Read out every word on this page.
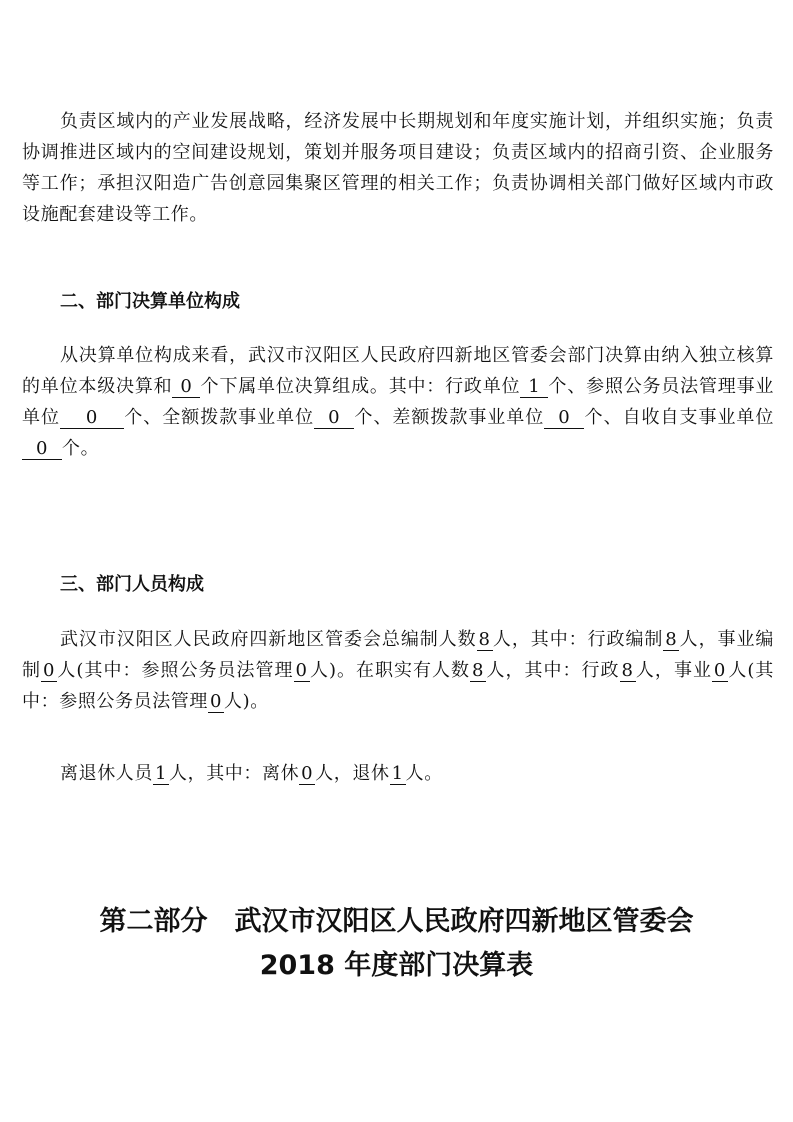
负责区域内的产业发展战略，经济发展中长期规划和年度实施计划，并组织实施；负责协调推进区域内的空间建设规划，策划并服务项目建设；负责区域内的招商引资、企业服务等工作；承担汉阳造广告创意园集聚区管理的相关工作；负责协调相关部门做好区域内市政设施配套建设等工作。

二、部门决算单位构成

从决算单位构成来看，武汉市汉阳区人民政府四新地区管委会部门决算由纳入独立核算的单位本级决算和 0 个下属单位决算组成。其中：行政单位 1 个、参照公务员法管理事业单位 0 个、全额拨款事业单位 0 个、差额拨款事业单位 0 个、自收自支事业单位0 个。

三、部门人员构成

武汉市汉阳区人民政府四新地区管委会总编制人数 8 人，其中：行政编制 8 人，事业编制 0 人(其中：参照公务员法管理 0 人)。在职实有人数 8 人，其中：行政 8 人，事业 0 人(其中：参照公务员法管理 0 人)。

离退休人员 1 人，其中：离休 0 人，退休 1 人。

第二部分　武汉市汉阳区人民政府四新地区管委会
2018 年度部门决算表
